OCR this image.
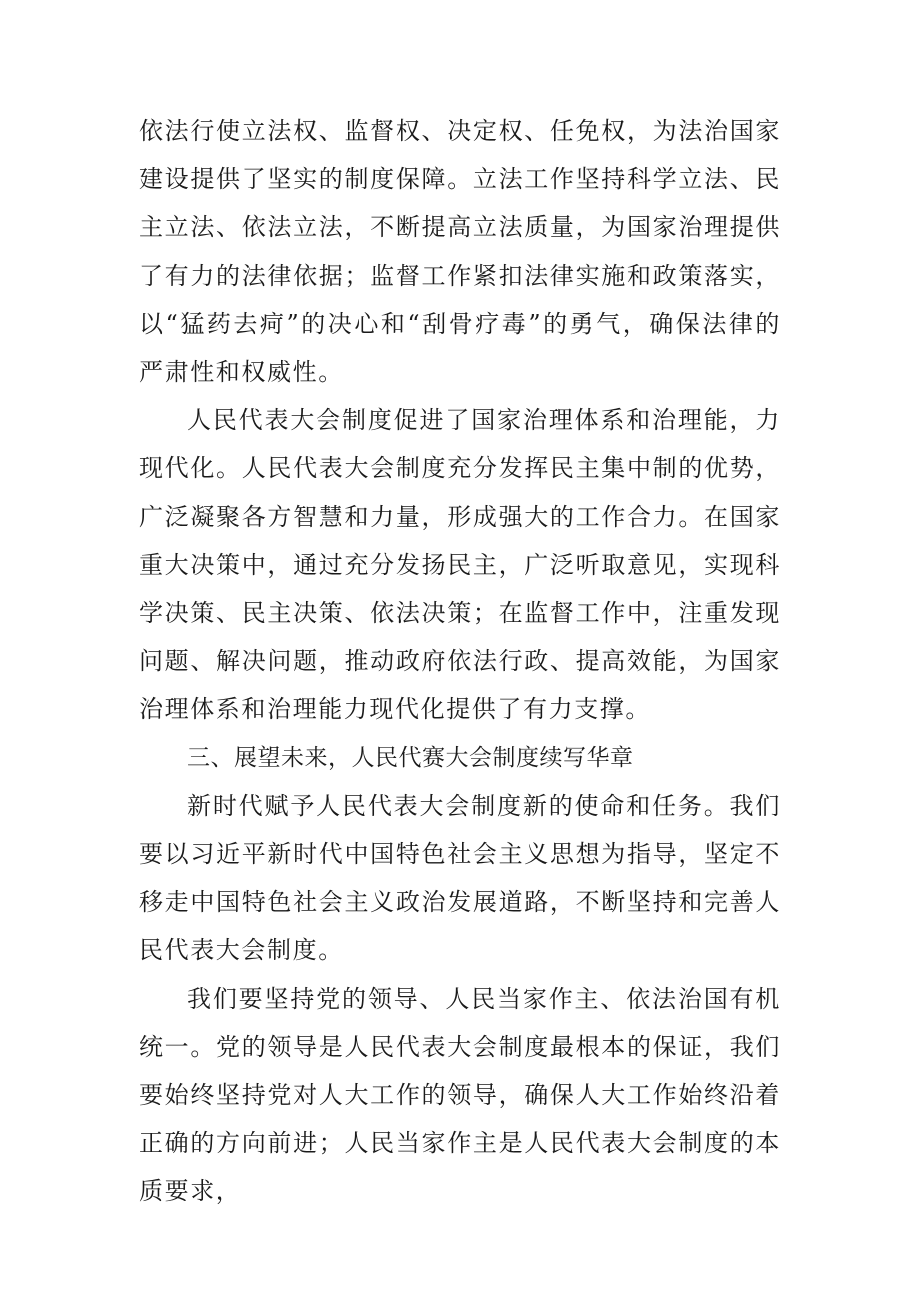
依法行使立法权、监督权、决定权、任免权，为法治国家建设提供了坚实的制度保障。立法工作坚持科学立法、民主立法、依法立法，不断提高立法质量，为国家治理提供了有力的法律依据；监督工作紧扣法律实施和政策落实，以“猛药去疴”的决心和“刮骨疗毒”的勇气，确保法律的严肃性和权威性。

人民代表大会制度促进了国家治理体系和治理能，力现代化。人民代表大会制度充分发挥民主集中制的优势，广泛凝聚各方智慧和力量，形成强大的工作合力。在国家重大决策中，通过充分发扬民主，广泛听取意见，实现科学决策、民主决策、依法决策；在监督工作中，注重发现问题、解决问题，推动政府依法行政、提高效能，为国家治理体系和治理能力现代化提供了有力支撑。

三、展望未来，人民代赛大会制度续写华章

新时代赋予人民代表大会制度新的使命和任务。我们要以习近平新时代中国特色社会主义思想为指导，坚定不移走中国特色社会主义政治发展道路，不断坚持和完善人民代表大会制度。

我们要坚持党的领导、人民当家作主、依法治国有机统一。党的领导是人民代表大会制度最根本的保证，我们要始终坚持党对人大工作的领导，确保人大工作始终沿着正确的方向前进；人民当家作主是人民代表大会制度的本质要求，
